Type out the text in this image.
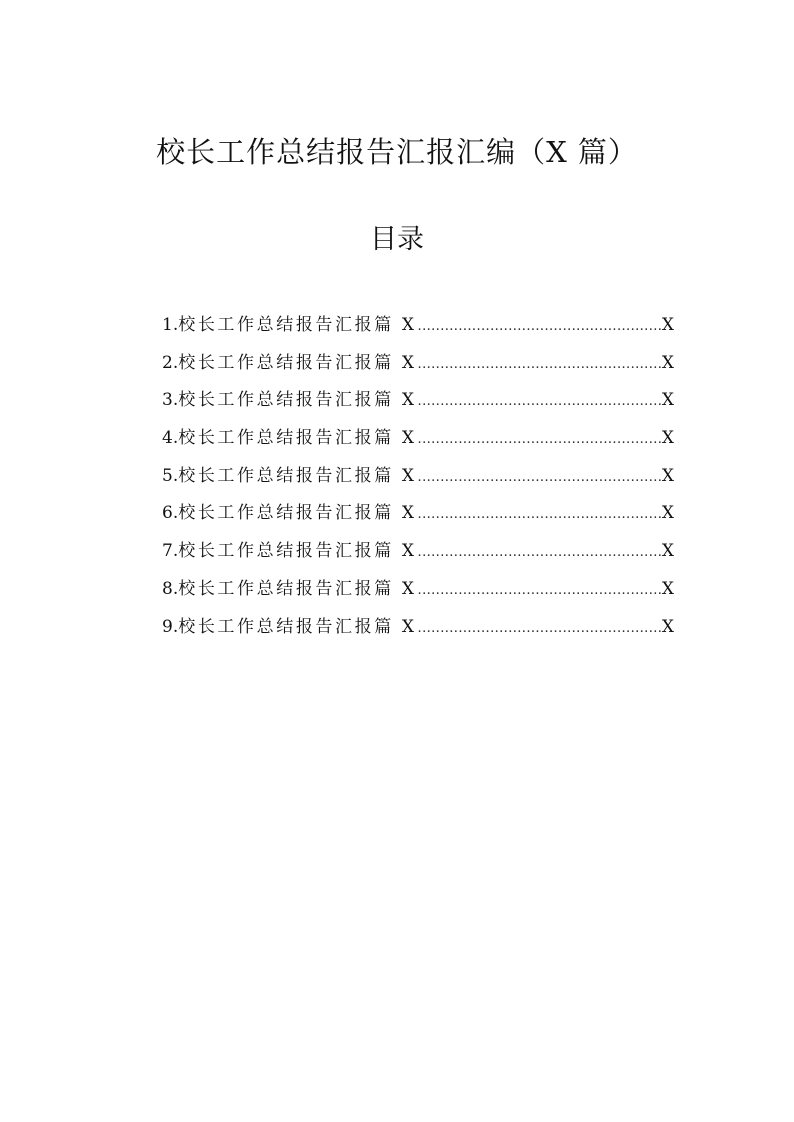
校长工作总结报告汇报汇编（X 篇）
目录
1. 校长工作总结报告汇报篇 X .....	X
2. 校长工作总结报告汇报篇 X .....	X
3. 校长工作总结报告汇报篇 X .....	X
4. 校长工作总结报告汇报篇 X .....	X
5. 校长工作总结报告汇报篇 X .....	X
6. 校长工作总结报告汇报篇 X .....	X
7. 校长工作总结报告汇报篇 X .....	X
8. 校长工作总结报告汇报篇 X .....	X
9. 校长工作总结报告汇报篇 X .....	X
